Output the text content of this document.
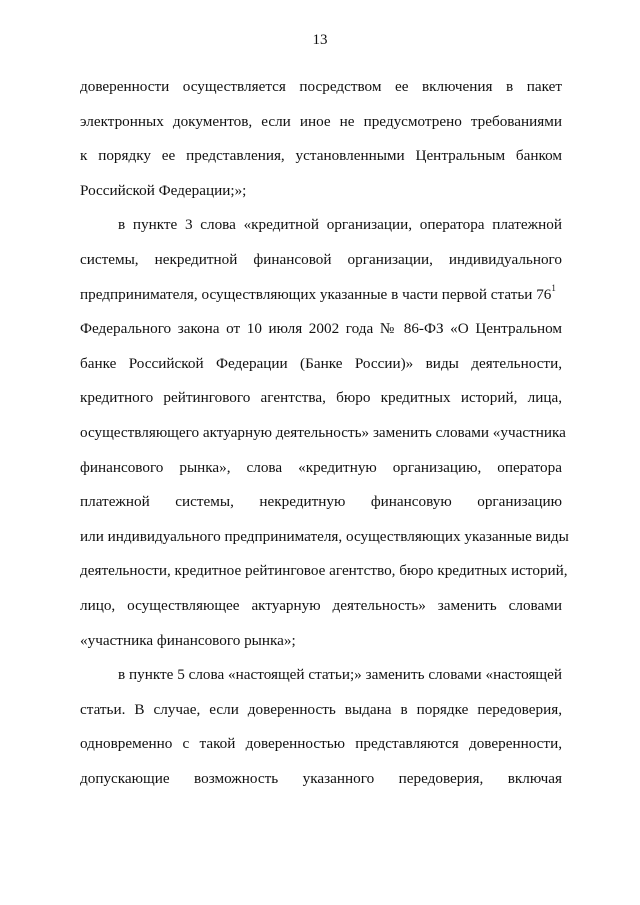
13
доверенности осуществляется посредством ее включения в пакет
электронных документов, если иное не предусмотрено требованиями
к порядку ее представления, установленными Центральным банком
Российской Федерации;»;
в пункте 3 слова «кредитной организации, оператора платежной
системы, некредитной финансовой организации, индивидуального
предпринимателя, осуществляющих указанные в части первой статьи 76$^1$
Федерального закона от 10 июля 2002 года № 86-ФЗ «О Центральном
банке Российской Федерации (Банке России)» виды деятельности,
кредитного рейтингового агентства, бюро кредитных историй, лица,
осуществляющего актуарную деятельность» заменить словами «участника
финансового рынка», слова «кредитную организацию, оператора
платежной системы, некредитную финансовую организацию
или индивидуального предпринимателя, осуществляющих указанные виды
деятельности, кредитное рейтинговое агентство, бюро кредитных историй,
лицо, осуществляющее актуарную деятельность» заменить словами
«участника финансового рынка»;
в пункте 5 слова «настоящей статьи;» заменить словами «настоящей
статьи. В случае, если доверенность выдана в порядке передоверия,
одновременно с такой доверенностью представляются доверенности,
допускающие возможность указанного передоверия, включая
